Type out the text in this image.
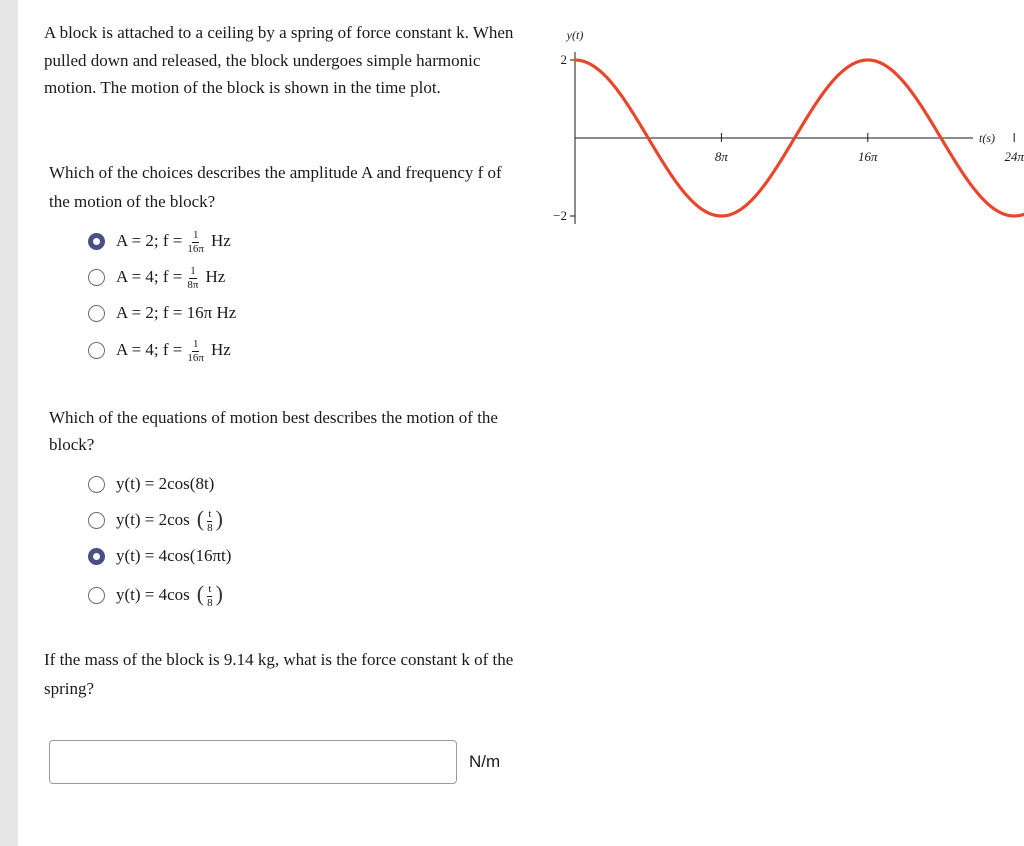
A block is attached to a ceiling by a spring of force constant k. When pulled down and released, the block undergoes simple harmonic motion. The motion of the block is shown in the time plot.

Which of the choices describes the amplitude A and frequency f of the motion of the block?

A = 2; $f = \frac{1}{16\pi}$ Hz
A = 4; $f = \frac{1}{8\pi}$ Hz
A = 2; f = 16π Hz
A = 4; $f = \frac{1}{16\pi}$ Hz

Which of the equations of motion best describes the motion of the block?

y(t) = 2cos(8t)
y(t) = 2cos ( $\frac{t}{8}$ )
y(t) = 4cos(16πt)
y(t) = 4cos ( $\frac{t}{8}$ )

If the mass of the block is 9.14 kg, what is the force constant k of the spring?

N/m
y(t)
t(s)
2
−2
8π	16π	24π
